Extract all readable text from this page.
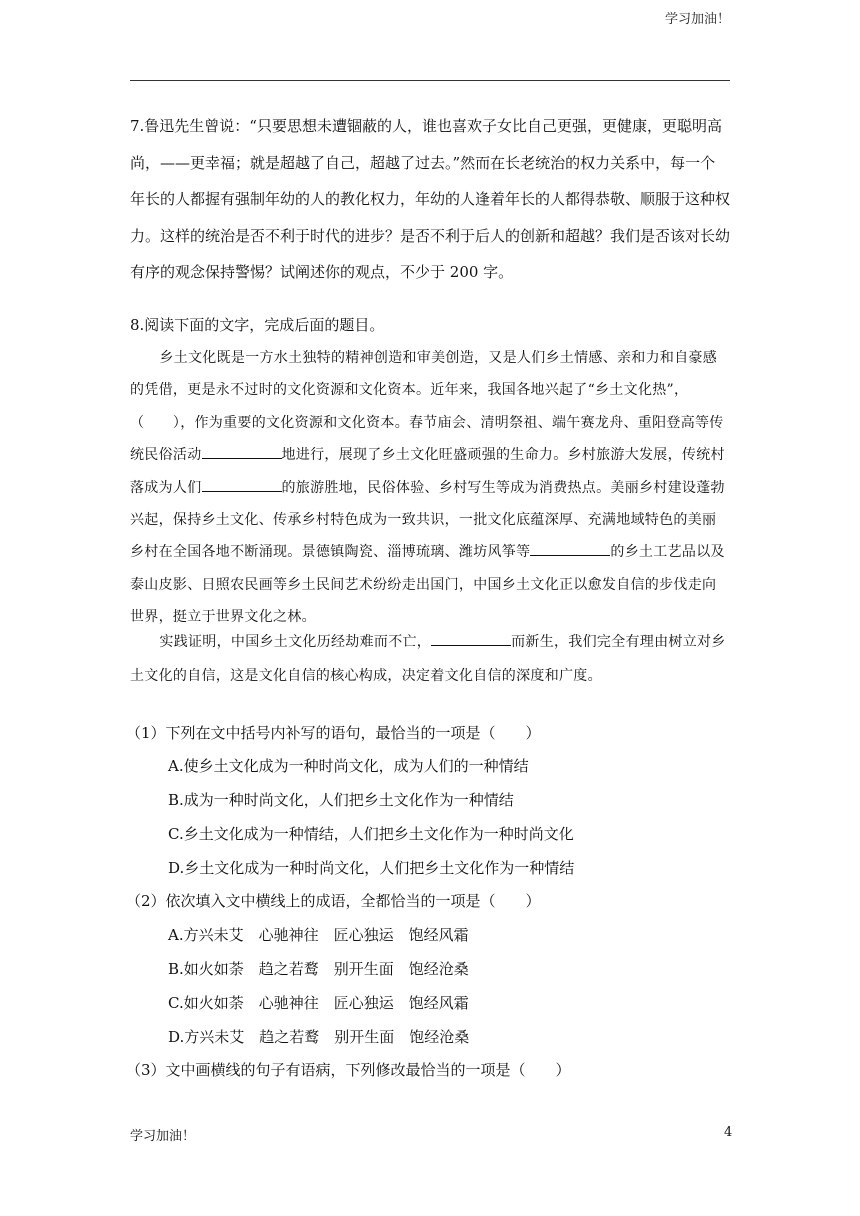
学习加油！
7.鲁迅先生曾说：“只要思想未遭锢蔽的人，谁也喜欢子女比自己更强，更健康，更聪明高尚，——更幸福；就是超越了自己，超越了过去。”然而在长老统治的权力关系中，每一个年长的人都握有强制年幼的人的教化权力，年幼的人逢着年长的人都得恭敬、顺服于这种权力。这样的统治是否不利于时代的进步？是否不利于后人的创新和超越？我们是否该对长幼有序的观念保持警惕？试阐述你的观点，不少于 200 字。
8.阅读下面的文字，完成后面的题目。

乡土文化既是一方水土独特的精神创造和审美创造，又是人们乡土情感、亲和力和自豪感的凭借，更是永不过时的文化资源和文化资本。近年来，我国各地兴起了“乡土文化热”，（　　），作为重要的文化资源和文化资本。春节庙会、清明祭祖、端午赛龙舟、重阳登高等传统民俗活动	地进行，展现了乡土文化旺盛顽强的生命力。乡村旅游大发展，传统村落成为人们	的旅游胜地，民俗体验、乡村写生等成为消费热点。美丽乡村建设蓬勃兴起，保持乡土文化、传承乡村特色成为一致共识，一批文化底蕴深厚、充满地域特色的美丽乡村在全国各地不断涌现。景德镇陶瓷、淄博琉璃、潍坊风筝等	的乡土工艺品以及泰山皮影、日照农民画等乡土民间艺术纷纷走出国门，中国乡土文化正以愈发自信的步伐走向世界，挺立于世界文化之林。

实践证明，中国乡土文化历经劫难而不亡，	而新生，我们完全有理由树立对乡土文化的自信，这是文化自信的核心构成，决定着文化自信的深度和广度。

（1）下列在文中括号内补写的语句，最恰当的一项是（　　）
A.使乡土文化成为一种时尚文化，成为人们的一种情结
B.成为一种时尚文化，人们把乡土文化作为一种情结
C.乡土文化成为一种情结，人们把乡土文化作为一种时尚文化
D.乡土文化成为一种时尚文化，人们把乡土文化作为一种情结
（2）依次填入文中横线上的成语，全都恰当的一项是（　　）
A.方兴未艾　心驰神往　匠心独运　饱经风霜
B.如火如荼　趋之若鹜　别开生面　饱经沧桑
C.如火如荼　心驰神往　匠心独运　饱经风霜
D.方兴未艾　趋之若鹜　别开生面　饱经沧桑
（3）文中画横线的句子有语病，下列修改最恰当的一项是（　　）
学习加油！	4
